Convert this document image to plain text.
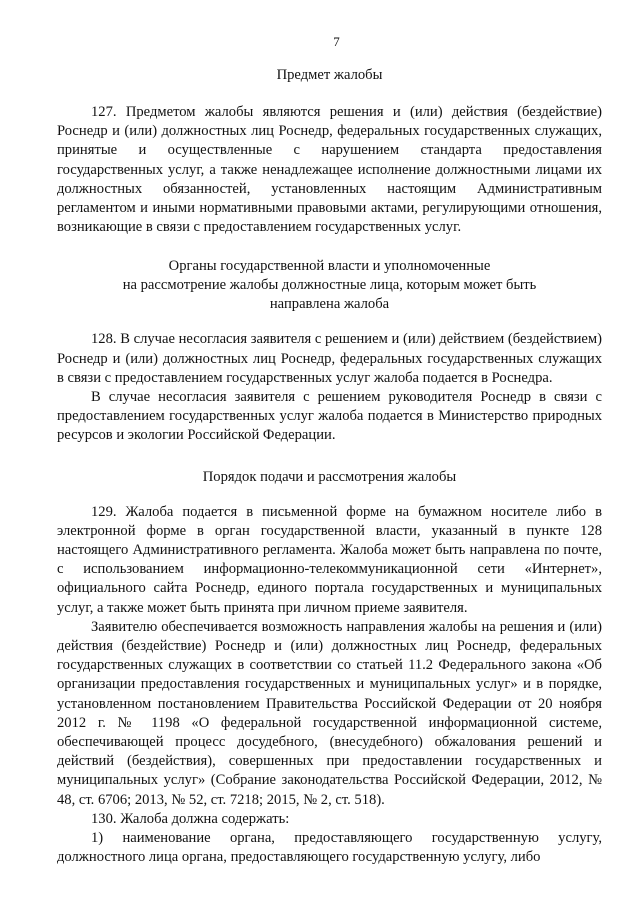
7
Предмет жалобы

127. Предметом жалобы являются решения и (или) действия (бездействие) Роснедр и (или) должностных лиц Роснедр, федеральных государственных служащих, принятые и осуществленные с нарушением стандарта предоставления государственных услуг, а также ненадлежащее исполнение должностными лицами их должностных обязанностей, установленных настоящим Административным регламентом и иными нормативными правовыми актами, регулирующими отношения, возникающие в связи с предоставлением государственных услуг.

Органы государственной власти и уполномоченные
на рассмотрение жалобы должностные лица, которым может быть
направлена жалоба

128. В случае несогласия заявителя с решением и (или) действием (бездействием) Роснедр и (или) должностных лиц Роснедр, федеральных государственных служащих в связи с предоставлением государственных услуг жалоба подается в Роснедра.

В случае несогласия заявителя с решением руководителя Роснедр в связи с предоставлением государственных услуг жалоба подается в Министерство природных ресурсов и экологии Российской Федерации.

Порядок подачи и рассмотрения жалобы

129. Жалоба подается в письменной форме на бумажном носителе либо в электронной форме в орган государственной власти, указанный в пункте 128 настоящего Административного регламента. Жалоба может быть направлена по почте, с использованием информационно-телекоммуникационной сети «Интернет», официального сайта Роснедр, единого портала государственных и муниципальных услуг, а также может быть принята при личном приеме заявителя.

Заявителю обеспечивается возможность направления жалобы на решения и (или) действия (бездействие) Роснедр и (или) должностных лиц Роснедр, федеральных государственных служащих в соответствии со статьей 11.2 Федерального закона «Об организации предоставления государственных и муниципальных услуг» и в порядке, установленном постановлением Правительства Российской Федерации от 20 ноября 2012 г. № 1198 «О федеральной государственной информационной системе, обеспечивающей процесс досудебного, (внесудебного) обжалования решений и действий (бездействия), совершенных при предоставлении государственных и муниципальных услуг» (Собрание законодательства Российской Федерации, 2012, № 48, ст. 6706; 2013, № 52, ст. 7218; 2015, № 2, ст. 518).

130. Жалоба должна содержать:

1) наименование органа, предоставляющего государственную услугу, должностного лица органа, предоставляющего государственную услугу, либо
